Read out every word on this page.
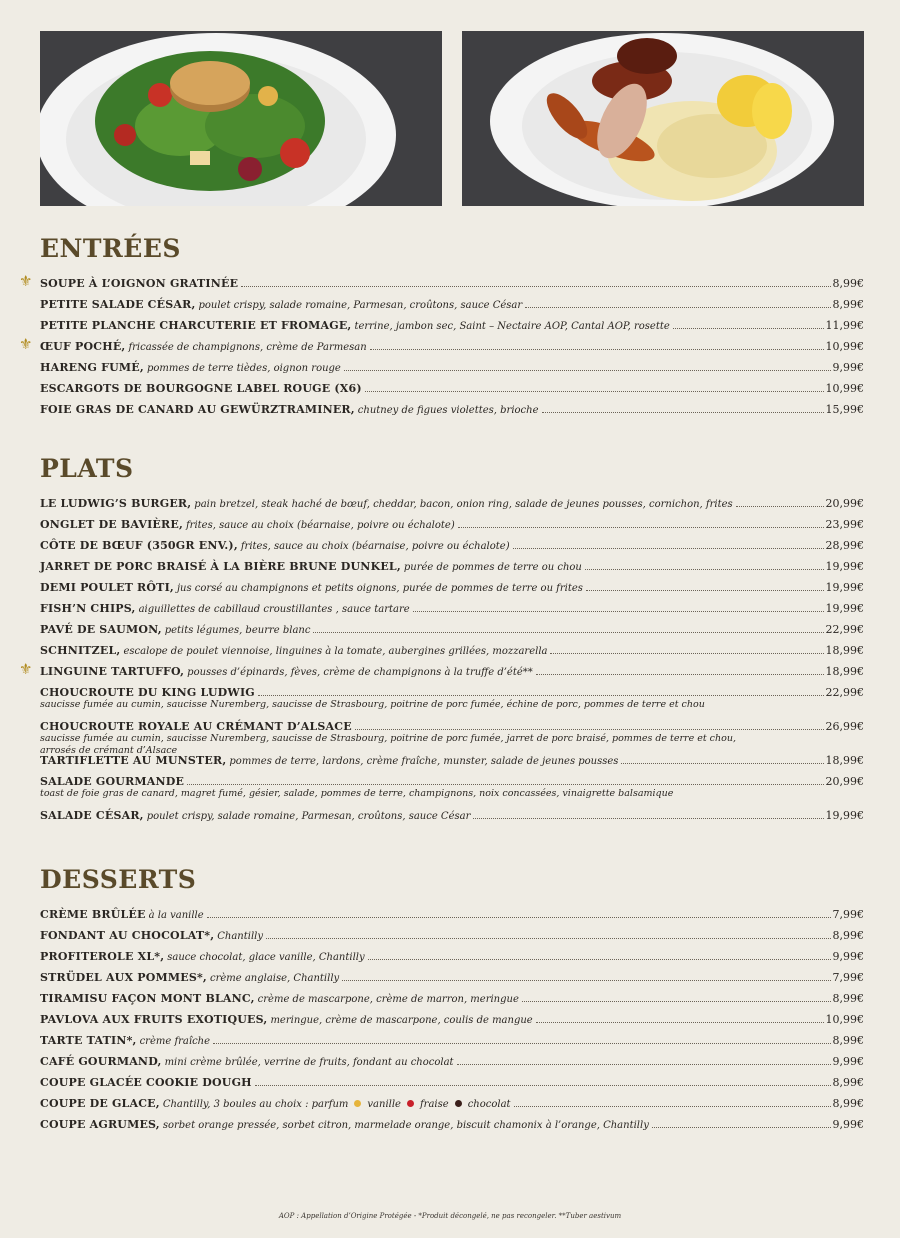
ENTRÉES
⚜ SOUPE À L’OIGNON GRATINÉE	8,99€
PETITE SALADE CÉSAR, poulet crispy, salade romaine, Parmesan, croûtons, sauce César	8,99€
PETITE PLANCHE CHARCUTERIE ET FROMAGE, terrine, jambon sec, Saint – Nectaire AOP, Cantal AOP, rosette	11,99€
⚜ ŒUF POCHÉ, fricassée de champignons, crème de Parmesan	10,99€
HARENG FUMÉ, pommes de terre tièdes, oignon rouge	9,99€
ESCARGOTS DE BOURGOGNE LABEL ROUGE (X6)	10,99€
FOIE GRAS DE CANARD AU GEWÜRZTRAMINER, chutney de figues violettes, brioche	15,99€
PLATS
LE LUDWIG’S BURGER, pain bretzel, steak haché de bœuf, cheddar, bacon, onion ring, salade de jeunes pousses, cornichon, frites	20,99€
ONGLET DE BAVIÈRE, frites, sauce au choix (béarnaise, poivre ou échalote)	23,99€
CÔTE DE BŒUF (350GR ENV.), frites, sauce au choix (béarnaise, poivre ou échalote)	28,99€
JARRET DE PORC BRAISÉ À LA BIÈRE BRUNE DUNKEL, purée de pommes de terre ou chou	19,99€
DEMI POULET RÔTI, jus corsé au champignons et petits oignons, purée de pommes de terre ou frites	19,99€
FISH’N CHIPS, aiguillettes de cabillaud croustillantes , sauce tartare	19,99€
PAVÉ DE SAUMON, petits légumes, beurre blanc	22,99€
SCHNITZEL, escalope de poulet viennoise, linguines à la tomate, aubergines grillées, mozzarella	18,99€
⚜ LINGUINE TARTUFFO, pousses d’épinards, fèves, crème de champignons à la truffe d’été**	18,99€
CHOUCROUTE DU KING LUDWIG	22,99€
saucisse fumée au cumin, saucisse Nuremberg, saucisse de Strasbourg, poitrine de porc fumée, échine de porc, pommes de terre et chou
CHOUCROUTE ROYALE AU CRÉMANT D’ALSACE	26,99€
saucisse fumée au cumin, saucisse Nuremberg, saucisse de Strasbourg, poitrine de porc fumée, jarret de porc braisé, pommes de terre et chou, arrosés de crémant d’Alsace
TARTIFLETTE AU MUNSTER, pommes de terre, lardons, crème fraîche, munster, salade de jeunes pousses	18,99€
SALADE GOURMANDE	20,99€
toast de foie gras de canard, magret fumé, gésier, salade, pommes de terre, champignons, noix concassées, vinaigrette balsamique
SALADE CÉSAR, poulet crispy, salade romaine, Parmesan, croûtons, sauce César	19,99€
DESSERTS
CRÈME BRÛLÉE à la vanille	7,99€
FONDANT AU CHOCOLAT*, Chantilly	8,99€
PROFITEROLE XL*, sauce chocolat, glace vanille, Chantilly	9,99€
STRÜDEL AUX POMMES*, crème anglaise, Chantilly	7,99€
TIRAMISU FAÇON MONT BLANC, crème de mascarpone, crème de marron, meringue	8,99€
PAVLOVA AUX FRUITS EXOTIQUES, meringue, crème de mascarpone, coulis de mangue	10,99€
TARTE TATIN*, crème fraîche	8,99€
CAFÉ GOURMAND, mini crème brûlée, verrine de fruits, fondant au chocolat	9,99€
COUPE GLACÉE COOKIE DOUGH	8,99€
COUPE DE GLACE, Chantilly, 3 boules au choix : parfum	vanille	fraise	chocolat	8,99€
COUPE AGRUMES, sorbet orange pressée, sorbet citron, marmelade orange, biscuit chamonix à l’orange, Chantilly	9,99€
AOP : Appellation d’Origine Protégée - *Produit décongelé, ne pas recongeler. **Tuber aestivum
